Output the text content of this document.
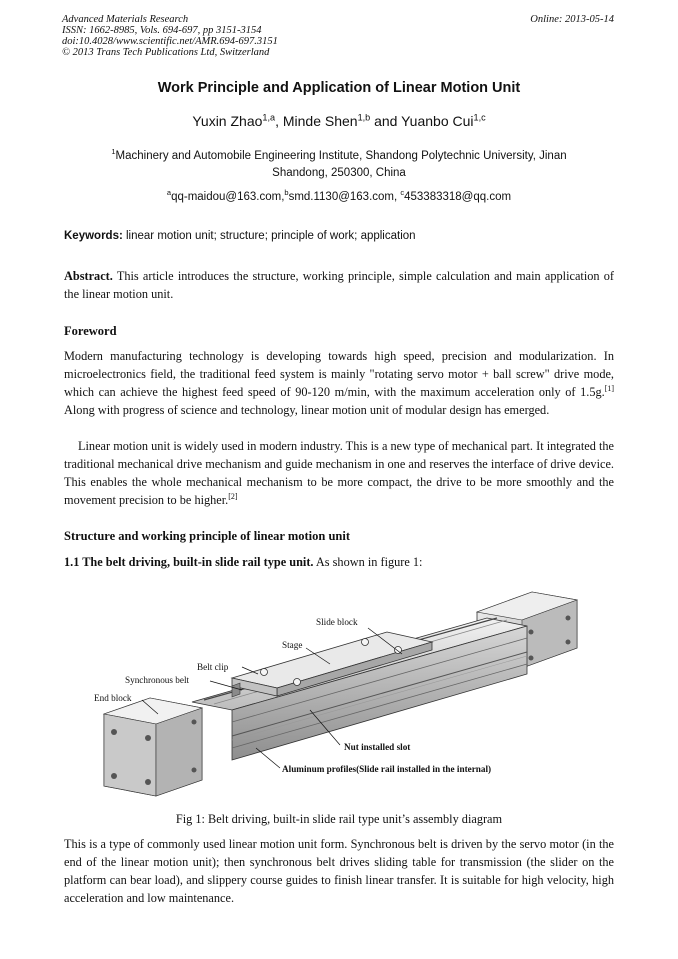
Advanced Materials Research
ISSN: 1662-8985, Vols. 694-697, pp 3151-3154
doi:10.4028/www.scientific.net/AMR.694-697.3151
© 2013 Trans Tech Publications Ltd, Switzerland
Online: 2013-05-14
Work Principle and Application of Linear Motion Unit
Yuxin Zhao$^{1,a}$, Minde Shen$^{1,b}$ and Yuanbo Cui$^{1,c}$
$^1$Machinery and Automobile Engineering Institute, Shandong Polytechnic University, Jinan Shandong, 250300, China
$^a$qq-maidou@163.com,$^b$smd.1130@163.com, $^c$453383318@qq.com
Keywords: linear motion unit; structure; principle of work; application
Abstract. This article introduces the structure, working principle, simple calculation and main application of the linear motion unit.
Foreword
Modern manufacturing technology is developing towards high speed, precision and modularization. In microelectronics field, the traditional feed system is mainly "rotating servo motor + ball screw" drive mode, which can achieve the highest feed speed of 90-120 m/min, with the maximum acceleration only of 1.5g.[1] Along with progress of science and technology, linear motion unit of modular design has emerged.
Linear motion unit is widely used in modern industry. This is a new type of mechanical part. It integrated the traditional mechanical drive mechanism and guide mechanism in one and reserves the interface of drive device. This enables the whole mechanical mechanism to be more compact, the drive to be more smoothly and the movement precision to be higher.[2]
Structure and working principle of linear motion unit
1.1 The belt driving, built-in slide rail type unit. As shown in figure 1:
Slide block
Stage
Belt clip
Synchronous belt
End block
Nut installed slot
Aluminum profiles(Slide rail installed in the internal)
Fig 1: Belt driving, built-in slide rail type unit’s assembly diagram
This is a type of commonly used linear motion unit form. Synchronous belt is driven by the servo motor (in the end of the linear motion unit); then synchronous belt drives sliding table for transmission (the slider on the platform can bear load), and slippery course guides to finish linear transfer. It is suitable for high velocity, high acceleration and low maintenance.
